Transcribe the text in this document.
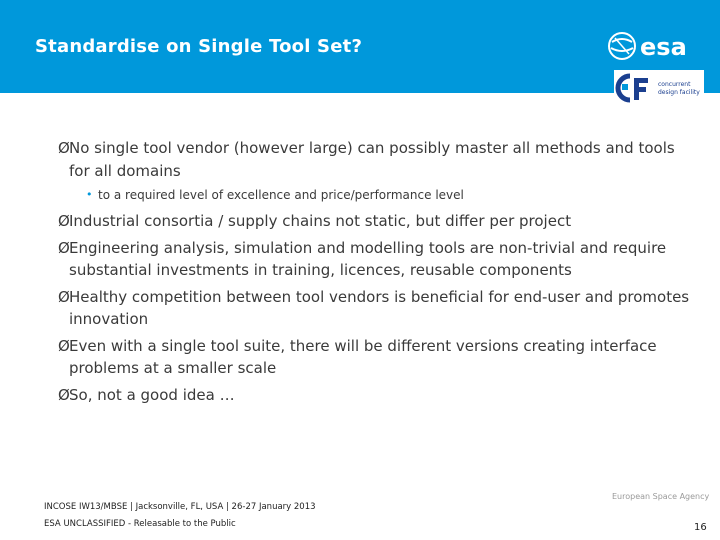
Standardise on Single Tool Set?	esa
concurrent
design facility
Ø No single tool vendor (however large) can possibly master all methods and tools for all domains
• to a required level of excellence and price/performance level
Ø Industrial consortia / supply chains not static, but differ per project
Ø Engineering analysis, simulation and modelling tools are non-trivial and require substantial investments in training, licences, reusable components
Ø Healthy competition between tool vendors is beneficial for end-user and promotes innovation
Ø Even with a single tool suite, there will be different versions creating interface problems at a smaller scale
Ø So, not a good idea …
INCOSE IW13/MBSE | Jacksonville, FL, USA | 26-27 January 2013
ESA UNCLASSIFIED - Releasable to the Public
European Space Agency
16
